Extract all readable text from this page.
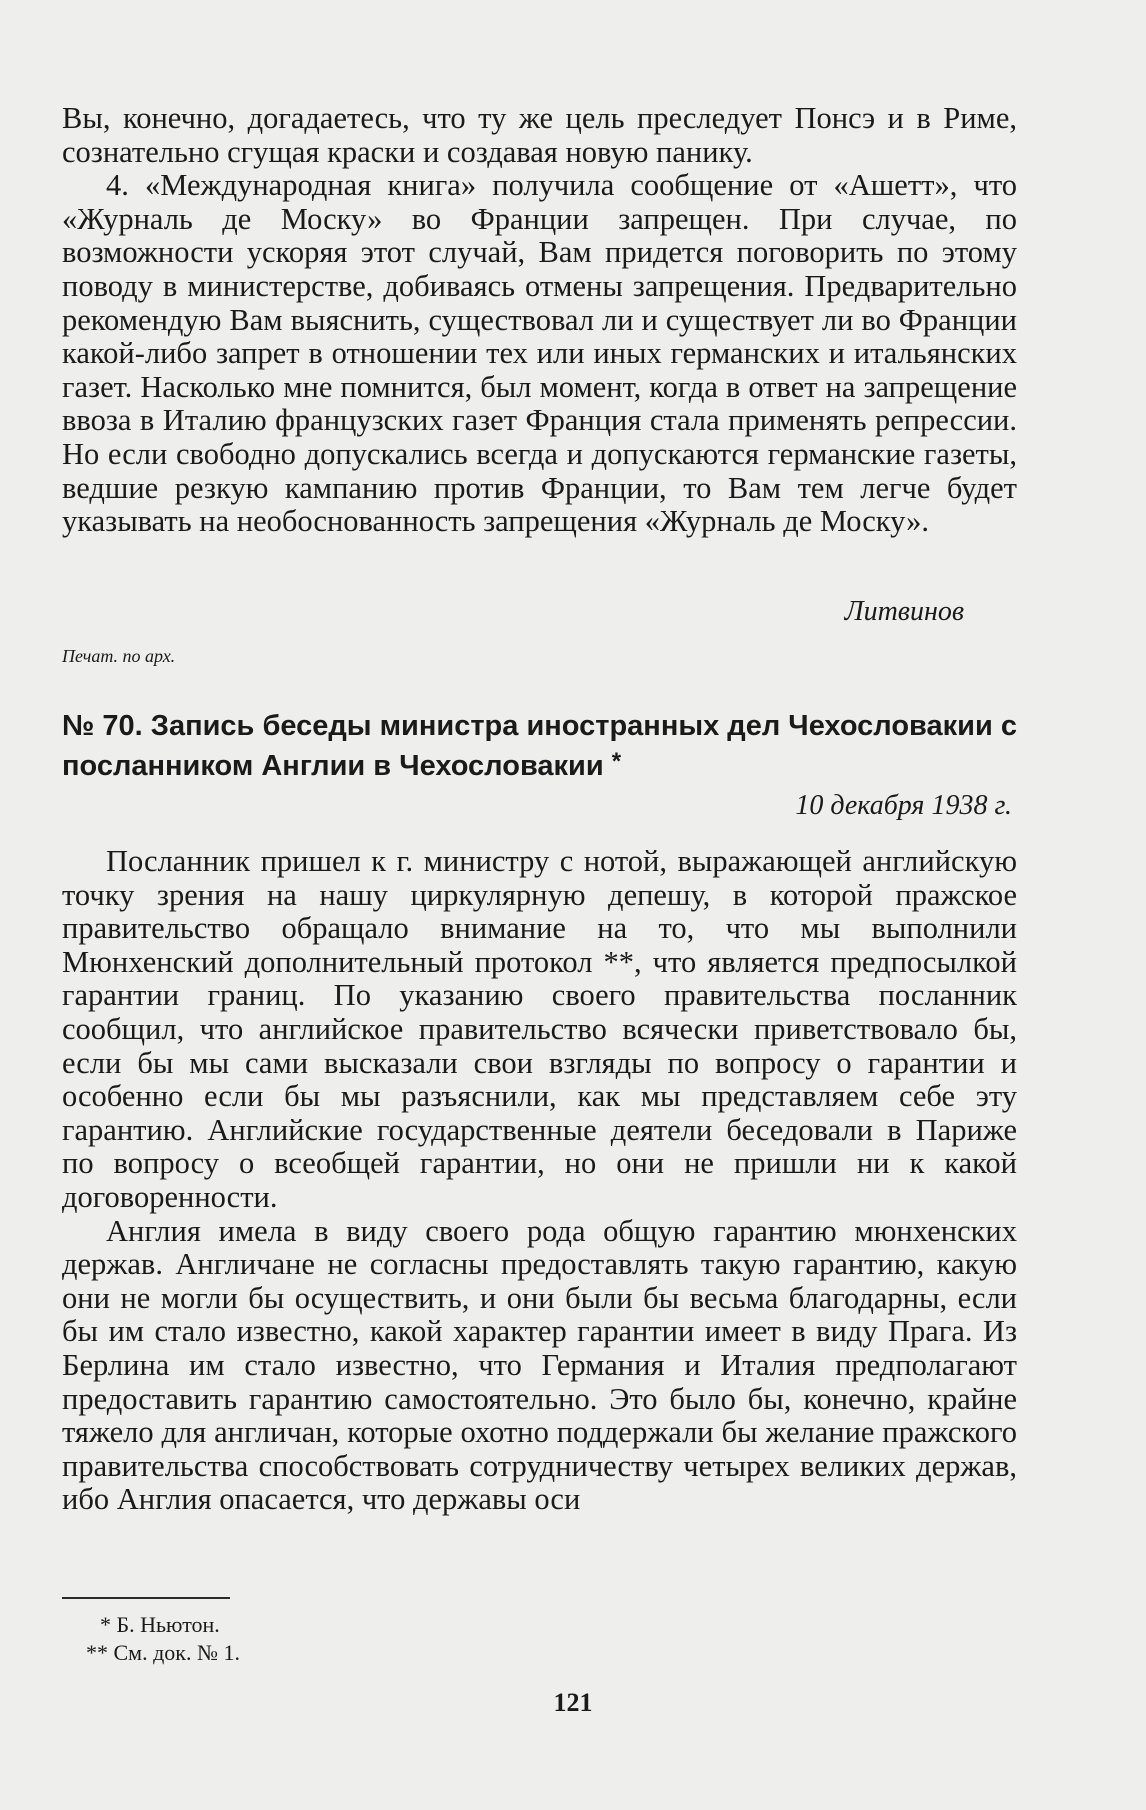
Вы, конечно, догадаетесь, что ту же цель преследует Понсэ и в Риме, сознательно сгущая краски и создавая новую панику.

4. «Международная книга» получила сообщение от «Ашетт», что «Журналь де Моску» во Франции запрещен. При случае, по возможности ускоряя этот случай, Вам придется поговорить по этому поводу в министерстве, добиваясь отмены запрещения. Предварительно рекомендую Вам выяснить, существовал ли и существует ли во Франции какой-либо запрет в отношении тех или иных германских и итальянских газет. Насколько мне помнится, был момент, когда в ответ на запрещение ввоза в Италию французских газет Франция стала применять репрессии. Но если свободно допускались всегда и допускаются германские газеты, ведшие резкую кампанию против Франции, то Вам тем легче будет указывать на необоснованность запрещения «Журналь де Моску».

Литвинов
Печат. по арх.

№ 70. Запись беседы министра иностранных дел Чехословакии с посланником Англии в Чехословакии *

10 декабря 1938 г.

Посланник пришел к г. министру с нотой, выражающей английскую точку зрения на нашу циркулярную депешу, в которой пражское правительство обращало внимание на то, что мы выполнили Мюнхенский дополнительный протокол **, что является предпосылкой гарантии границ. По указанию своего правительства посланник сообщил, что английское правительство всячески приветствовало бы, если бы мы сами высказали свои взгляды по вопросу о гарантии и особенно если бы мы разъяснили, как мы представляем себе эту гарантию. Английские государственные деятели беседовали в Париже по вопросу о всеобщей гарантии, но они не пришли ни к какой договоренности.

Англия имела в виду своего рода общую гарантию мюнхенских держав. Англичане не согласны предоставлять такую гарантию, какую они не могли бы осуществить, и они были бы весьма благодарны, если бы им стало известно, какой характер гарантии имеет в виду Прага. Из Берлина им стало известно, что Германия и Италия предполагают предоставить гарантию самостоятельно. Это было бы, конечно, крайне тяжело для англичан, которые охотно поддержали бы желание пражского правительства способствовать сотрудничеству четырех великих держав, ибо Англия опасается, что державы оси

* Б. Ньютон.
** См. док. № 1.
121
